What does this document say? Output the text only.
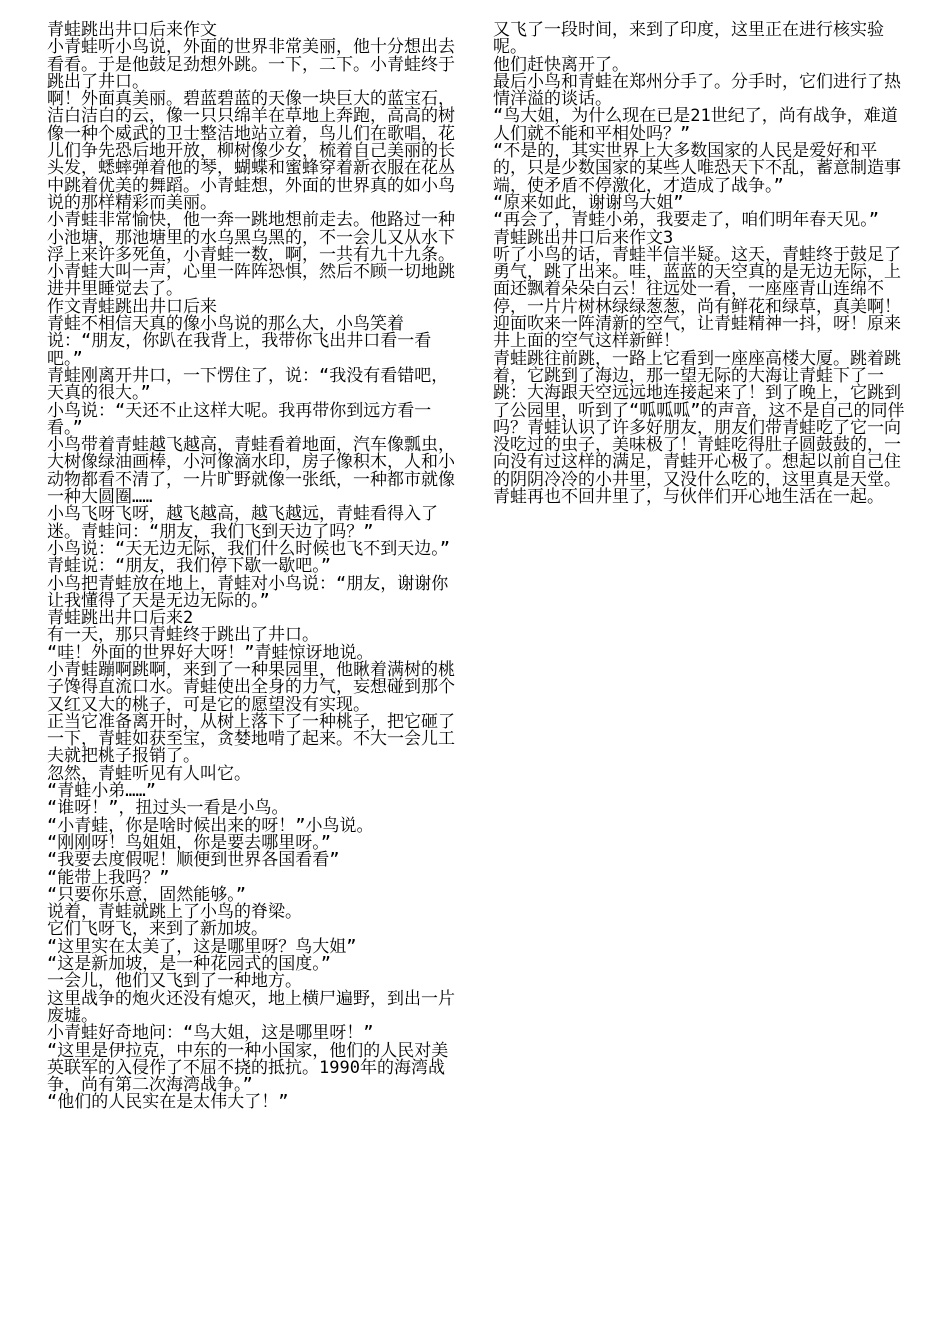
青蛙跳出井口后来作文

小青蛙听小鸟说，外面的世界非常美丽，他十分想出去看看。于是他鼓足劲想外跳。一下，二下。小青蛙终于跳出了井口。

啊！外面真美丽。碧蓝碧蓝的天像一块巨大的蓝宝石，洁白洁白的云，像一只只绵羊在草地上奔跑，高高的树像一种个威武的卫士整洁地站立着，鸟儿们在歌唱，花儿们争先恐后地开放，柳树像少女，梳着自己美丽的长头发，蟋蟀弹着他的琴，蝴蝶和蜜蜂穿着新衣服在花丛中跳着优美的舞蹈。小青蛙想，外面的世界真的如小鸟说的那样精彩而美丽。

小青蛙非常愉快，他一奔一跳地想前走去。他路过一种小池塘，那池塘里的水乌黑乌黑的，不一会儿又从水下浮上来许多死鱼，小青蛙一数，啊，一共有九十九条。小青蛙大叫一声，心里一阵阵恐惧，然后不顾一切地跳进井里睡觉去了。

作文青蛙跳出井口后来

青蛙不相信天真的像小鸟说的那么大，小鸟笑着说：“朋友，你趴在我背上，我带你飞出井口看一看吧。”

青蛙刚离开井口，一下愣住了，说：“我没有看错吧，天真的很大。”

小鸟说：“天还不止这样大呢。我再带你到远方看一看。”

小鸟带着青蛙越飞越高，青蛙看着地面，汽车像瓢虫，大树像绿油画棒，小河像滴水印，房子像积木，人和小动物都看不清了，一片旷野就像一张纸，一种都市就像一种大圆圈……

小鸟飞呀飞呀，越飞越高，越飞越远，青蛙看得入了迷。青蛙问：“朋友，我们飞到天边了吗？”

小鸟说：“天无边无际，我们什么时候也飞不到天边。”

青蛙说：“朋友，我们停下歇一歇吧。”

小鸟把青蛙放在地上，青蛙对小鸟说：“朋友，谢谢你让我懂得了天是无边无际的。”

青蛙跳出井口后来2

有一天，那只青蛙终于跳出了井口。

“哇！外面的世界好大呀！”青蛙惊讶地说。

小青蛙蹦啊跳啊，来到了一种果园里，他瞅着满树的桃子馋得直流口水。青蛙使出全身的力气，妄想碰到那个又红又大的桃子，可是它的愿望没有实现。

正当它准备离开时，从树上落下了一种桃子，把它砸了一下，青蛙如获至宝，贪婪地啃了起来。不大一会儿工夫就把桃子报销了。

忽然，青蛙听见有人叫它。

“青蛙小弟……”

“谁呀！”，扭过头一看是小鸟。

“小青蛙，你是啥时候出来的呀！”小鸟说。

“刚刚呀！鸟姐姐，你是要去哪里呀。”

“我要去度假呢！顺便到世界各国看看”

“能带上我吗？”

“只要你乐意，固然能够。”

说着，青蛙就跳上了小鸟的脊梁。

它们飞呀飞，来到了新加坡。

“这里实在太美了，这是哪里呀？鸟大姐”

“这是新加坡，是一种花园式的国度。”

一会儿，他们又飞到了一种地方。

这里战争的炮火还没有熄灭，地上横尸遍野，到出一片废墟。

小青蛙好奇地问：“鸟大姐，这是哪里呀！”

“这里是伊拉克，中东的一种小国家，他们的人民对美英联军的入侵作了不屈不挠的抵抗。1990年的海湾战争，尚有第二次海湾战争。”

“他们的人民实在是太伟大了！”

又飞了一段时间，来到了印度，这里正在进行核实验呢。

他们赶快离开了。

最后小鸟和青蛙在郑州分手了。分手时，它们进行了热情洋溢的谈话。

“鸟大姐，为什么现在已是21世纪了，尚有战争，难道人们就不能和平相处吗？”

“不是的，其实世界上大多数国家的人民是爱好和平的，只是少数国家的某些人唯恐天下不乱，蓄意制造事端，使矛盾不停激化，才造成了战争。”

“原来如此，谢谢鸟大姐”

“再会了，青蛙小弟，我要走了，咱们明年春天见。”

青蛙跳出井口后来作文3

听了小鸟的话，青蛙半信半疑。这天，青蛙终于鼓足了勇气，跳了出来。哇，蓝蓝的天空真的是无边无际，上面还飘着朵朵白云！往远处一看，一座座青山连绵不停，一片片树林绿绿葱葱，尚有鲜花和绿草，真美啊！迎面吹来一阵清新的空气，让青蛙精神一抖，呀！原来井上面的空气这样新鲜！

青蛙跳往前跳，一路上它看到一座座高楼大厦。跳着跳着，它跳到了海边，那一望无际的大海让青蛙下了一跳：大海跟天空远远地连接起来了！到了晚上，它跳到了公园里，听到了“呱呱呱”的声音，这不是自己的同伴吗？青蛙认识了许多好朋友，朋友们带青蛙吃了它一向没吃过的虫子，美味极了！青蛙吃得肚子圆鼓鼓的，一向没有过这样的满足，青蛙开心极了。想起以前自己住的阴阴冷冷的小井里，又没什么吃的，这里真是天堂。青蛙再也不回井里了，与伙伴们开心地生活在一起。
